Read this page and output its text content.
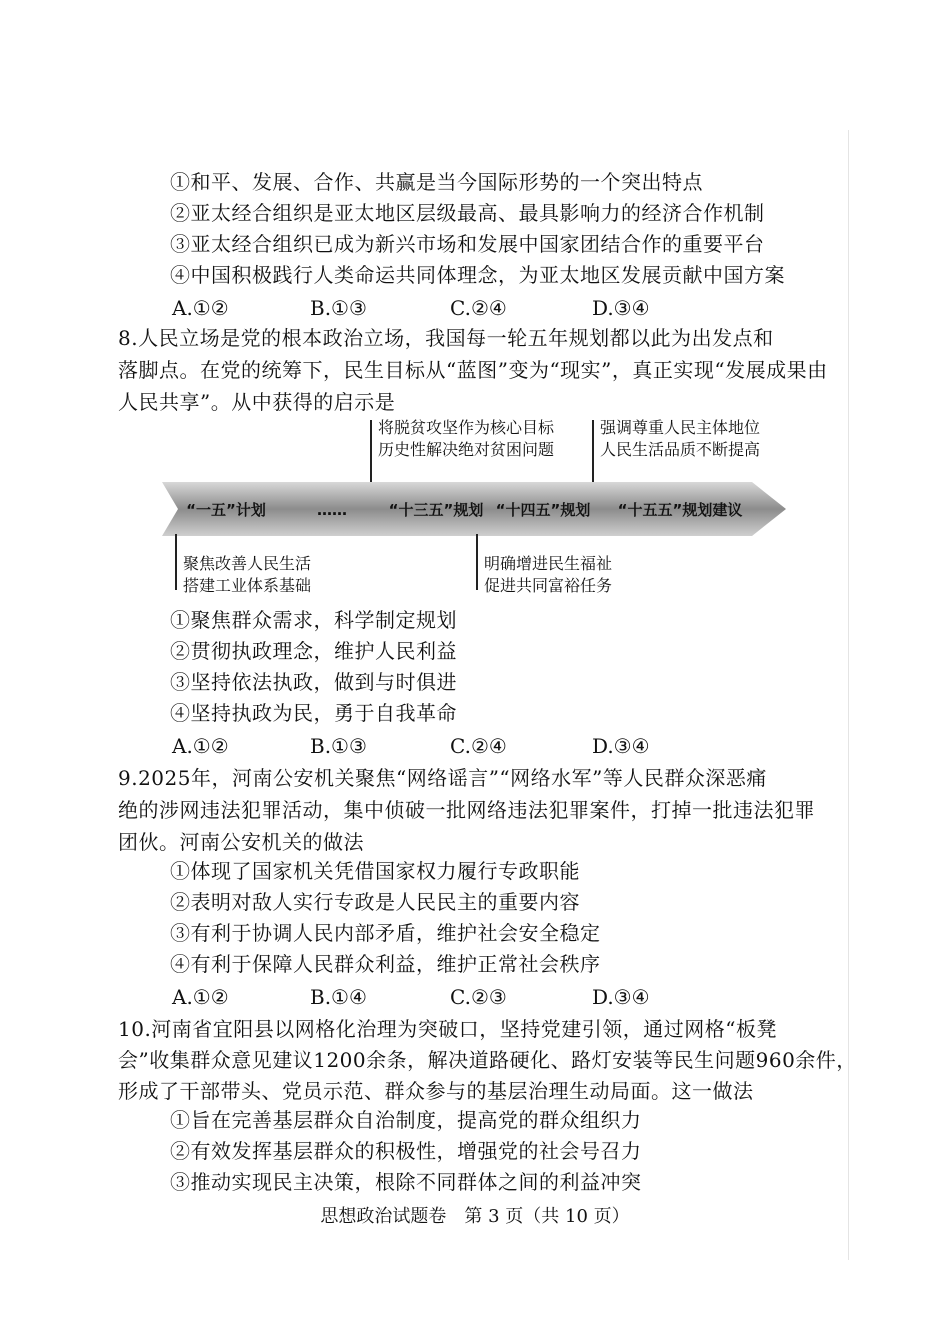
①和平、发展、合作、共赢是当今国际形势的一个突出特点
②亚太经合组织是亚太地区层级最高、最具影响力的经济合作机制
③亚太经合组织已成为新兴市场和发展中国家团结合作的重要平台
④中国积极践行人类命运共同体理念，为亚太地区发展贡献中国方案
A.①②	B.①③	C.②④	D.③④
8.人民立场是党的根本政治立场，我国每一轮五年规划都以此为出发点和
落脚点。在党的统筹下，民生目标从“蓝图”变为“现实”，真正实现“发展成果由
人民共享”。从中获得的启示是
将脱贫攻坚作为核心目标
历史性解决绝对贫困问题
强调尊重人民主体地位
人民生活品质不断提高
“一五”计划	……	“十三五”规划 “十四五”规划 “十五五”规划建议
聚焦改善人民生活
搭建工业体系基础
明确增进民生福祉
促进共同富裕任务
①聚焦群众需求，科学制定规划
②贯彻执政理念，维护人民利益
③坚持依法执政，做到与时俱进
④坚持执政为民，勇于自我革命
A.①②	B.①③	C.②④	D.③④
9.2025年，河南公安机关聚焦“网络谣言”“网络水军”等人民群众深恶痛
绝的涉网违法犯罪活动，集中侦破一批网络违法犯罪案件，打掉一批违法犯罪
团伙。河南公安机关的做法
①体现了国家机关凭借国家权力履行专政职能
②表明对敌人实行专政是人民民主的重要内容
③有利于协调人民内部矛盾，维护社会安全稳定
④有利于保障人民群众利益，维护正常社会秩序
A.①②	B.①④	C.②③	D.③④
10.河南省宜阳县以网格化治理为突破口，坚持党建引领，通过网格“板凳
会”收集群众意见建议1200余条，解决道路硬化、路灯安装等民生问题960余件，
形成了干部带头、党员示范、群众参与的基层治理生动局面。这一做法
①旨在完善基层群众自治制度，提高党的群众组织力
②有效发挥基层群众的积极性，增强党的社会号召力
③推动实现民主决策，根除不同群体之间的利益冲突
思想政治试题卷　第 3 页（共 10 页）
